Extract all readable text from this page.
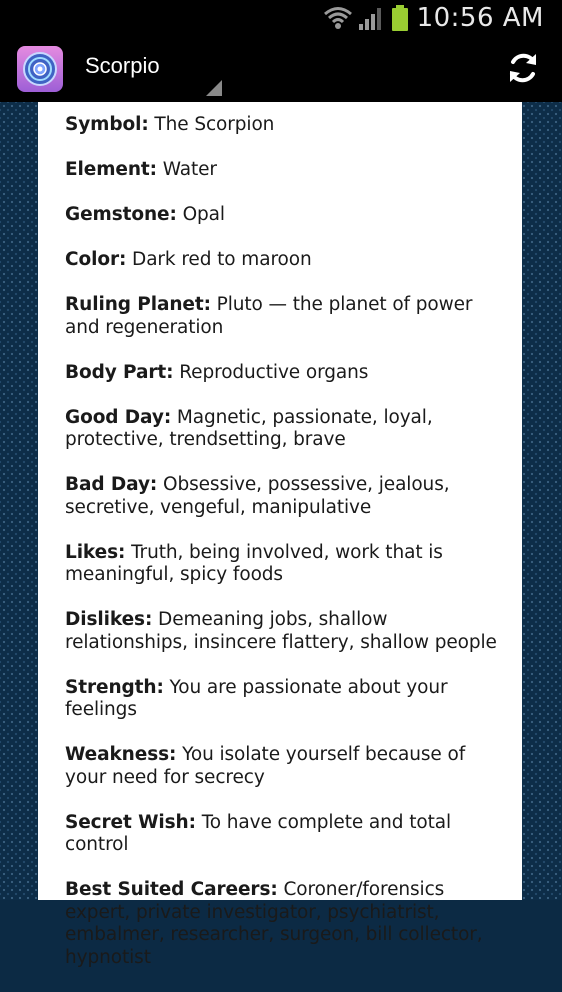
10:56 AM
Scorpio
Symbol: The Scorpion
Element: Water
Gemstone: Opal
Color: Dark red to maroon
Ruling Planet: Pluto — the planet of power and regeneration
Body Part: Reproductive organs
Good Day: Magnetic, passionate, loyal, protective, trendsetting, brave
Bad Day: Obsessive, possessive, jealous, secretive, vengeful, manipulative
Likes: Truth, being involved, work that is meaningful, spicy foods
Dislikes: Demeaning jobs, shallow relationships, insincere flattery, shallow people
Strength: You are passionate about your feelings
Weakness: You isolate yourself because of your need for secrecy
Secret Wish: To have complete and total control
Best Suited Careers: Coroner/forensics expert, private investigator, psychiatrist, embalmer, researcher, surgeon, bill collector, hypnotist
